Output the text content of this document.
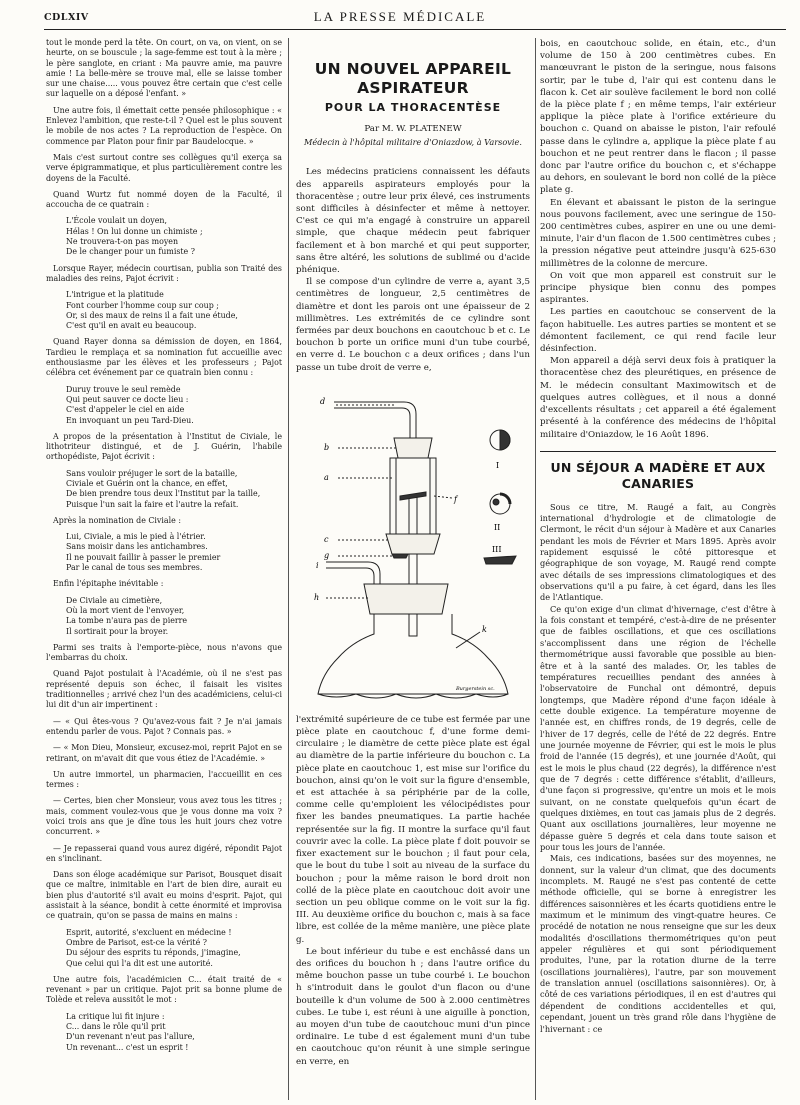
CDLXIV	LA PRESSE MÉDICALE

tout le monde perd la tête. On court, on va, on vient, on se heurte, on se bouscule ; la sage-femme est tout à la mère ; le père sanglote, en criant : Ma pauvre amie, ma pauvre amie ! La belle-mère se trouve mal, elle se laisse tomber sur une chaise..... vous pouvez être certain que c'est celle sur laquelle on a déposé l'enfant. »

Une autre fois, il émettait cette pensée philosophique : « Enlevez l'ambition, que reste-t-il ? Quel est le plus souvent le mobile de nos actes ? La reproduction de l'espèce. On commence par Platon pour finir par Baudelocque. »

Mais c'est surtout contre ses collègues qu'il exerça sa verve épigrammatique, et plus particulièrement contre les doyens de la Faculté.

Quand Wurtz fut nommé doyen de la Faculté, il accoucha de ce quatrain :

L'École voulait un doyen,
Hélas ! On lui donne un chimiste ;
Ne trouvera-t-on pas moyen
De le changer pour un fumiste ?

Lorsque Rayer, médecin courtisan, publia son Traité des maladies des reins, Pajot écrivit :

L'intrigue et la platitude
Font courber l'homme coup sur coup ;
Or, si des maux de reins il a fait une étude,
C'est qu'il en avait eu beaucoup.

Quand Rayer donna sa démission de doyen, en 1864, Tardieu le remplaça et sa nomination fut accueillie avec enthousiasme par les élèves et les professeurs ; Pajot célébra cet événement par ce quatrain bien connu :

Duruy trouve le seul remède
Qui peut sauver ce docte lieu :
C'est d'appeler le ciel en aide
En invoquant un peu Tard-Dieu.

A propos de la présentation à l'Institut de Civiale, le lithotriteur distingué, et de J. Guérin, l'habile orthopédiste, Pajot écrivit :

Sans vouloir préjuger le sort de la bataille,
Civiale et Guérin ont la chance, en effet,
De bien prendre tous deux l'Institut par la taille,
Puisque l'un sait la faire et l'autre la refait.

Après la nomination de Civiale :

Lui, Civiale, a mis le pied à l'étrier.
Sans moisir dans les antichambres.
Il ne pouvait faillir à passer le premier
Par le canal de tous ses membres.

Enfin l'épitaphe inévitable :

De Civiale au cimetière,
Où la mort vient de l'envoyer,
La tombe n'aura pas de pierre
Il sortirait pour la broyer.

Parmi ses traits à l'emporte-pièce, nous n'avons que l'embarras du choix.

Quand Pajot postulait à l'Académie, où il ne s'est pas représenté depuis son échec, il faisait les visites traditionnelles ; arrivé chez l'un des académiciens, celui-ci lui dit d'un air impertinent :

— « Qui êtes-vous ? Qu'avez-vous fait ? Je n'ai jamais entendu parler de vous. Pajot ? Connais pas. »

— « Mon Dieu, Monsieur, excusez-moi, reprit Pajot en se retirant, on m'avait dit que vous étiez de l'Académie. »

Un autre immortel, un pharmacien, l'accueillit en ces termes :

— Certes, bien cher Monsieur, vous avez tous les titres ; mais, comment voulez-vous que je vous donne ma voix ? voici trois ans que je dîne tous les huit jours chez votre concurrent. »

— Je repasserai quand vous aurez digéré, répondit Pajot en s'inclinant.

Dans son éloge académique sur Parisot, Bousquet disait que ce maître, inimitable en l'art de bien dire, aurait eu bien plus d'autorité s'il avait eu moins d'esprit. Pajot, qui assistait à la séance, bondit à cette énormité et improvisa ce quatrain, qu'on se passa de mains en mains :

Esprit, autorité, s'excluent en médecine !
Ombre de Parisot, est-ce la vérité ?
Du séjour des esprits tu réponds, j'imagine,
Que celui qui l'a dit est une autorité.

Une autre fois, l'académicien C... était traité de « revenant » par un critique. Pajot prit sa bonne plume de Tolède et releva aussitôt le mot :

La critique lui fit injure :
C... dans le rôle qu'il prit
D'un revenant n'eut pas l'allure,
Un revenant... c'est un esprit !
UN NOUVEL APPAREIL ASPIRATEUR
POUR LA THORACENTÈSE
Par M. W. PLATENEW
Médecin à l'hôpital militaire d'Oniazdow, à Varsovie.

Les médecins praticiens connaissent les défauts des appareils aspirateurs employés pour la thoracentèse ; outre leur prix élevé, ces instruments sont difficiles à désinfecter et même à nettoyer. C'est ce qui m'a engagé à construire un appareil simple, que chaque médecin peut fabriquer facilement et à bon marché et qui peut supporter, sans être altéré, les solutions de sublimé ou d'acide phénique.

Il se compose d'un cylindre de verre a, ayant 3,5 centimètres de longueur, 2,5 centimètres de diamètre et dont les parois ont une épaisseur de 2 millimètres. Les extrémités de ce cylindre sont fermées par deux bouchons en caoutchouc b et c. Le bouchon b porte un orifice muni d'un tube courbé, en verre d. Le bouchon c a deux orifices ; dans l'un passe un tube droit de verre e,

d
b
a
f
c
g
i
h
k
I
II
III
Burgerstein sc.

l'extrémité supérieure de ce tube est fermée par une pièce plate en caoutchouc f, d'une forme demi-circulaire ; le diamètre de cette pièce plate est égal au diamètre de la partie inférieure du bouchon c. La pièce plate en caoutchouc 1, est mise sur l'orifice du bouchon, ainsi qu'on le voit sur la figure d'ensemble, et est attachée à sa périphérie par de la colle, comme celle qu'emploient les vélocipédistes pour fixer les bandes pneumatiques. La partie hachée représentée sur la fig. II montre la surface qu'il faut couvrir avec la colle. La pièce plate f doit pouvoir se fixer exactement sur le bouchon ; il faut pour cela, que le bout du tube l soit au niveau de la surface du bouchon ; pour la même raison le bord droit non collé de la pièce plate en caoutchouc doit avoir une section un peu oblique comme on le voit sur la fig. III. Au deuxième orifice du bouchon c, mais à sa face libre, est collée de la même manière, une pièce plate g.

Le bout inférieur du tube e est enchâssé dans un des orifices du bouchon h ; dans l'autre orifice du même bouchon passe un tube courbé i. Le bouchon h s'introduit dans le goulot d'un flacon ou d'une bouteille k d'un volume de 500 à 2.000 centimètres cubes. Le tube i, est réuni à une aiguille à ponction, au moyen d'un tube de caoutchouc muni d'un pince ordinaire. Le tube d est également muni d'un tube en caoutchouc qu'on réunit à une simple seringue en verre, en

bois, en caoutchouc solide, en étain, etc., d'un volume de 150 à 200 centimètres cubes. En manœuvrant le piston de la seringue, nous faisons sortir, par le tube d, l'air qui est contenu dans le flacon k. Cet air soulève facilement le bord non collé de la pièce plate f ; en même temps, l'air extérieur applique la pièce plate à l'orifice extérieure du bouchon c. Quand on abaisse le piston, l'air refoulé passe dans le cylindre a, applique la pièce plate f au bouchon et ne peut rentrer dans le flacon ; il passe donc par l'autre orifice du bouchon c, et s'échappe au dehors, en soulevant le bord non collé de la pièce plate g.

En élevant et abaissant le piston de la seringue nous pouvons facilement, avec une seringue de 150-200 centimètres cubes, aspirer en une ou une demi-minute, l'air d'un flacon de 1.500 centimètres cubes ; la pression négative peut atteindre jusqu'à 625-630 millimètres de la colonne de mercure.

On voit que mon appareil est construit sur le principe physique bien connu des pompes aspirantes.

Les parties en caoutchouc se conservent de la façon habituelle. Les autres parties se montent et se démontent facilement, ce qui rend facile leur désinfection.

Mon appareil a déjà servi deux fois à pratiquer la thoracentèse chez des pleurétiques, en présence de M. le médecin consultant Maximowitsch et de quelques autres collègues, et il nous a donné d'excellents résultats ; cet appareil a été également présenté à la conférence des médecins de l'hôpital militaire d'Oniazdow, le 16 Août 1896.

UN SÉJOUR A MADÈRE ET AUX CANARIES

Sous ce titre, M. Raugé a fait, au Congrès international d'hydrologie et de climatologie de Clermont, le récit d'un séjour à Madère et aux Canaries pendant les mois de Février et Mars 1895. Après avoir rapidement esquissé le côté pittoresque et géographique de son voyage, M. Raugé rend compte avec détails de ses impressions climatologiques et des observations qu'il a pu faire, à cet égard, dans les îles de l'Atlantique.

Ce qu'on exige d'un climat d'hivernage, c'est d'être à la fois constant et tempéré, c'est-à-dire de ne présenter que de faibles oscillations, et que ces oscillations s'accomplissent dans une région de l'échelle thermométrique aussi favorable que possible au bien-être et à la santé des malades. Or, les tables de températures recueillies pendant des années à l'observatoire de Funchal ont démontré, depuis longtemps, que Madère répond d'une façon idéale à cette double exigence. La température moyenne de l'année est, en chiffres ronds, de 19 degrés, celle de l'hiver de 17 degrés, celle de l'été de 22 degrés. Entre une journée moyenne de Février, qui est le mois le plus froid de l'année (15 degrés), et une journée d'Août, qui est le mois le plus chaud (22 degrés), la différence n'est que de 7 degrés : cette différence s'établit, d'ailleurs, d'une façon si progressive, qu'entre un mois et le mois suivant, on ne constate quelquefois qu'un écart de quelques dixièmes, en tout cas jamais plus de 2 degrés. Quant aux oscillations journalières, leur moyenne ne dépasse guère 5 degrés et cela dans toute saison et pour tous les jours de l'année.

Mais, ces indications, basées sur des moyennes, ne donnent, sur la valeur d'un climat, que des documents incomplets. M. Raugé ne s'est pas contenté de cette méthode officielle, qui se borne à enregistrer les différences saisonnières et les écarts quotidiens entre le maximum et le minimum des vingt-quatre heures. Ce procédé de notation ne nous renseigne que sur les deux modalités d'oscillations thermométriques qu'on peut appeler régulières et qui sont périodiquement produites, l'une, par la rotation diurne de la terre (oscillations journalières), l'autre, par son mouvement de translation annuel (oscillations saisonnières). Or, à côté de ces variations périodiques, il en est d'autres qui dépendent de conditions accidentelles et qui, cependant, jouent un très grand rôle dans l'hygiène de l'hivernant : ce
